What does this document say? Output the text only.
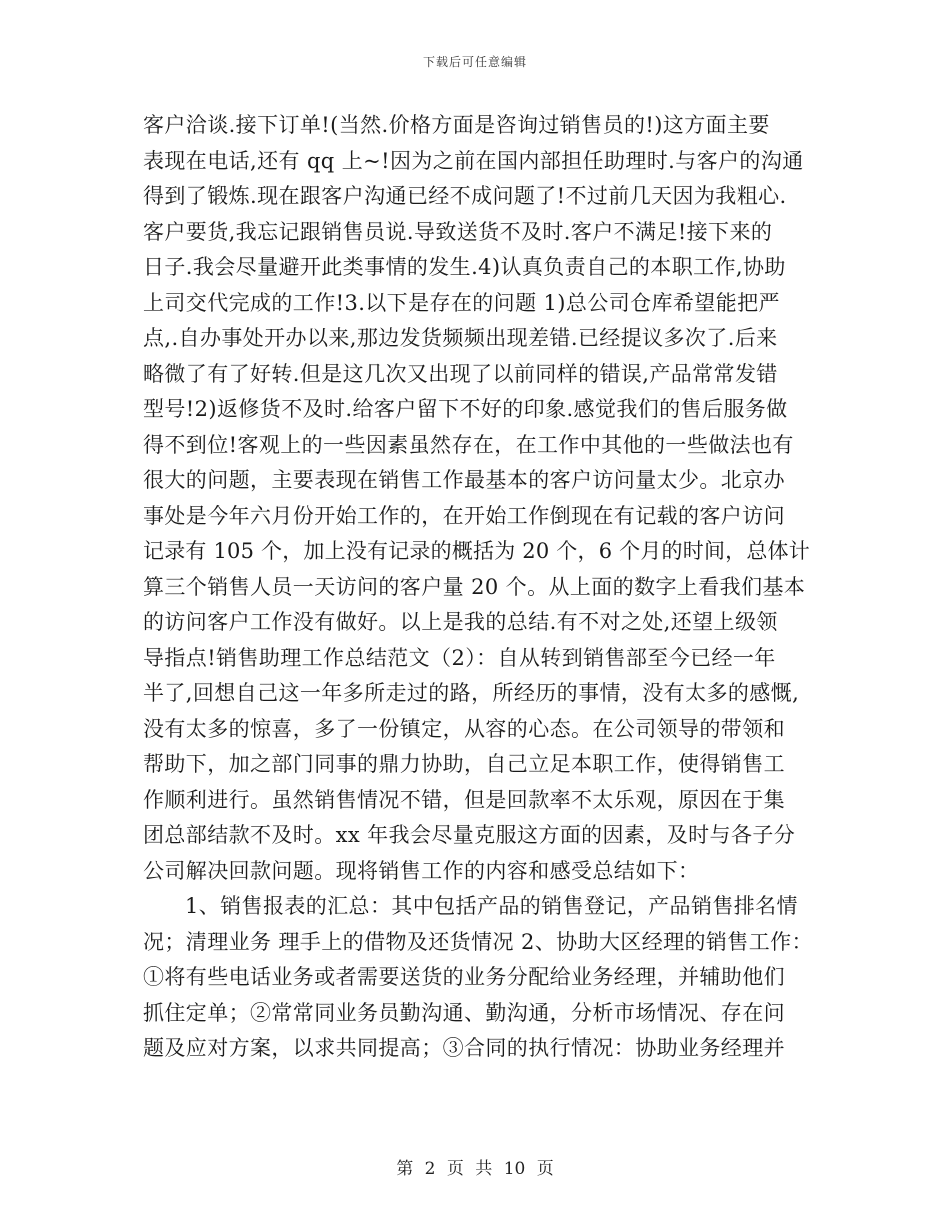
下载后可任意编辑
客户洽谈.接下订单!(当然.价格方面是咨询过销售员的!)这方面主要
表现在电话,还有 qq 上~!因为之前在国内部担任助理时.与客户的沟通
得到了锻炼.现在跟客户沟通已经不成问题了!不过前几天因为我粗心.
客户要货,我忘记跟销售员说.导致送货不及时.客户不满足!接下来的
日子.我会尽量避开此类事情的发生.4)认真负责自己的本职工作,协助
上司交代完成的工作!3.以下是存在的问题 1)总公司仓库希望能把严
点,.自办事处开办以来,那边发货频频出现差错.已经提议多次了.后来
略微了有了好转.但是这几次又出现了以前同样的错误,产品常常发错
型号!2)返修货不及时.给客户留下不好的印象.感觉我们的售后服务做
得不到位!客观上的一些因素虽然存在，在工作中其他的一些做法也有
很大的问题，主要表现在销售工作最基本的客户访问量太少。北京办
事处是今年六月份开始工作的，在开始工作倒现在有记载的客户访问
记录有 105 个，加上没有记录的概括为 20 个，6 个月的时间，总体计
算三个销售人员一天访问的客户量 20 个。从上面的数字上看我们基本
的访问客户工作没有做好。以上是我的总结.有不对之处,还望上级领
导指点!销售助理工作总结范文（2）：自从转到销售部至今已经一年
半了,回想自己这一年多所走过的路，所经历的事情，没有太多的感慨,
没有太多的惊喜，多了一份镇定，从容的心态。在公司领导的带领和
帮助下，加之部门同事的鼎力协助，自己立足本职工作，使得销售工
作顺利进行。虽然销售情况不错，但是回款率不太乐观，原因在于集
团总部结款不及时。xx 年我会尽量克服这方面的因素，及时与各子分
公司解决回款问题。现将销售工作的内容和感受总结如下：
1、销售报表的汇总：其中包括产品的销售登记，产品销售排名情
况；清理业务 理手上的借物及还货情况 2、协助大区经理的销售工作：
①将有些电话业务或者需要送货的业务分配给业务经理，并辅助他们
抓住定单；②常常同业务员勤沟通、勤沟通，分析市场情况、存在问
题及应对方案，以求共同提高；③合同的执行情况：协助业务经理并
第 2 页 共 10 页
